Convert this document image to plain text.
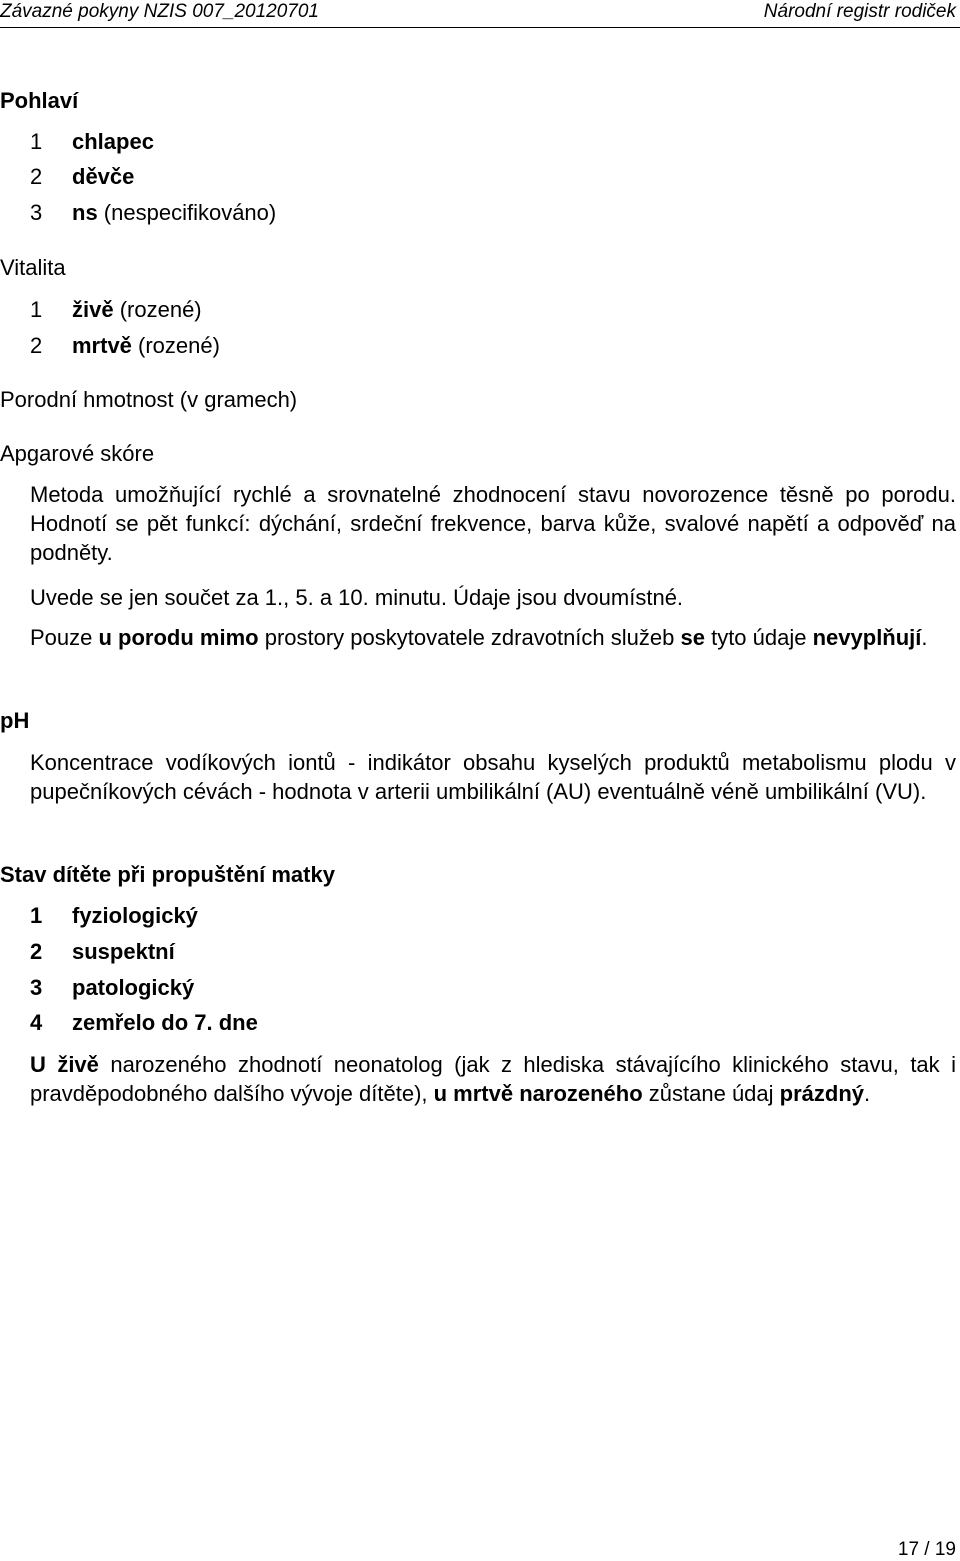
Závazné pokyny NZIS 007_20120701	Národní registr rodiček
Pohlaví
1 chlapec
2 děvče
3 ns (nespecifikováno)
Vitalita
1 živě (rozené)
2 mrtvě (rozené)
Porodní hmotnost (v gramech)
Apgarové skóre
Metoda umožňující rychlé a srovnatelné zhodnocení stavu novorozence těsně po porodu. Hodnotí se pět funkcí: dýchání, srdeční frekvence, barva kůže, svalové napětí a odpověď na podněty.
Uvede se jen součet za 1., 5. a 10. minutu. Údaje jsou dvoumístné.
Pouze u porodu mimo prostory poskytovatele zdravotních služeb se tyto údaje nevyplňují.
pH
Koncentrace vodíkových iontů - indikátor obsahu kyselých produktů metabolismu plodu v pupečníkových cévách - hodnota v arterii umbilikální (AU) eventuálně véně umbilikální (VU).
Stav dítěte při propuštění matky
1 fyziologický
2 suspektní
3 patologický
4 zemřelo do 7. dne
U živě narozeného zhodnotí neonatolog (jak z hlediska stávajícího klinického stavu, tak i pravděpodobného dalšího vývoje dítěte), u mrtvě narozeného zůstane údaj prázdný.
17 / 19
